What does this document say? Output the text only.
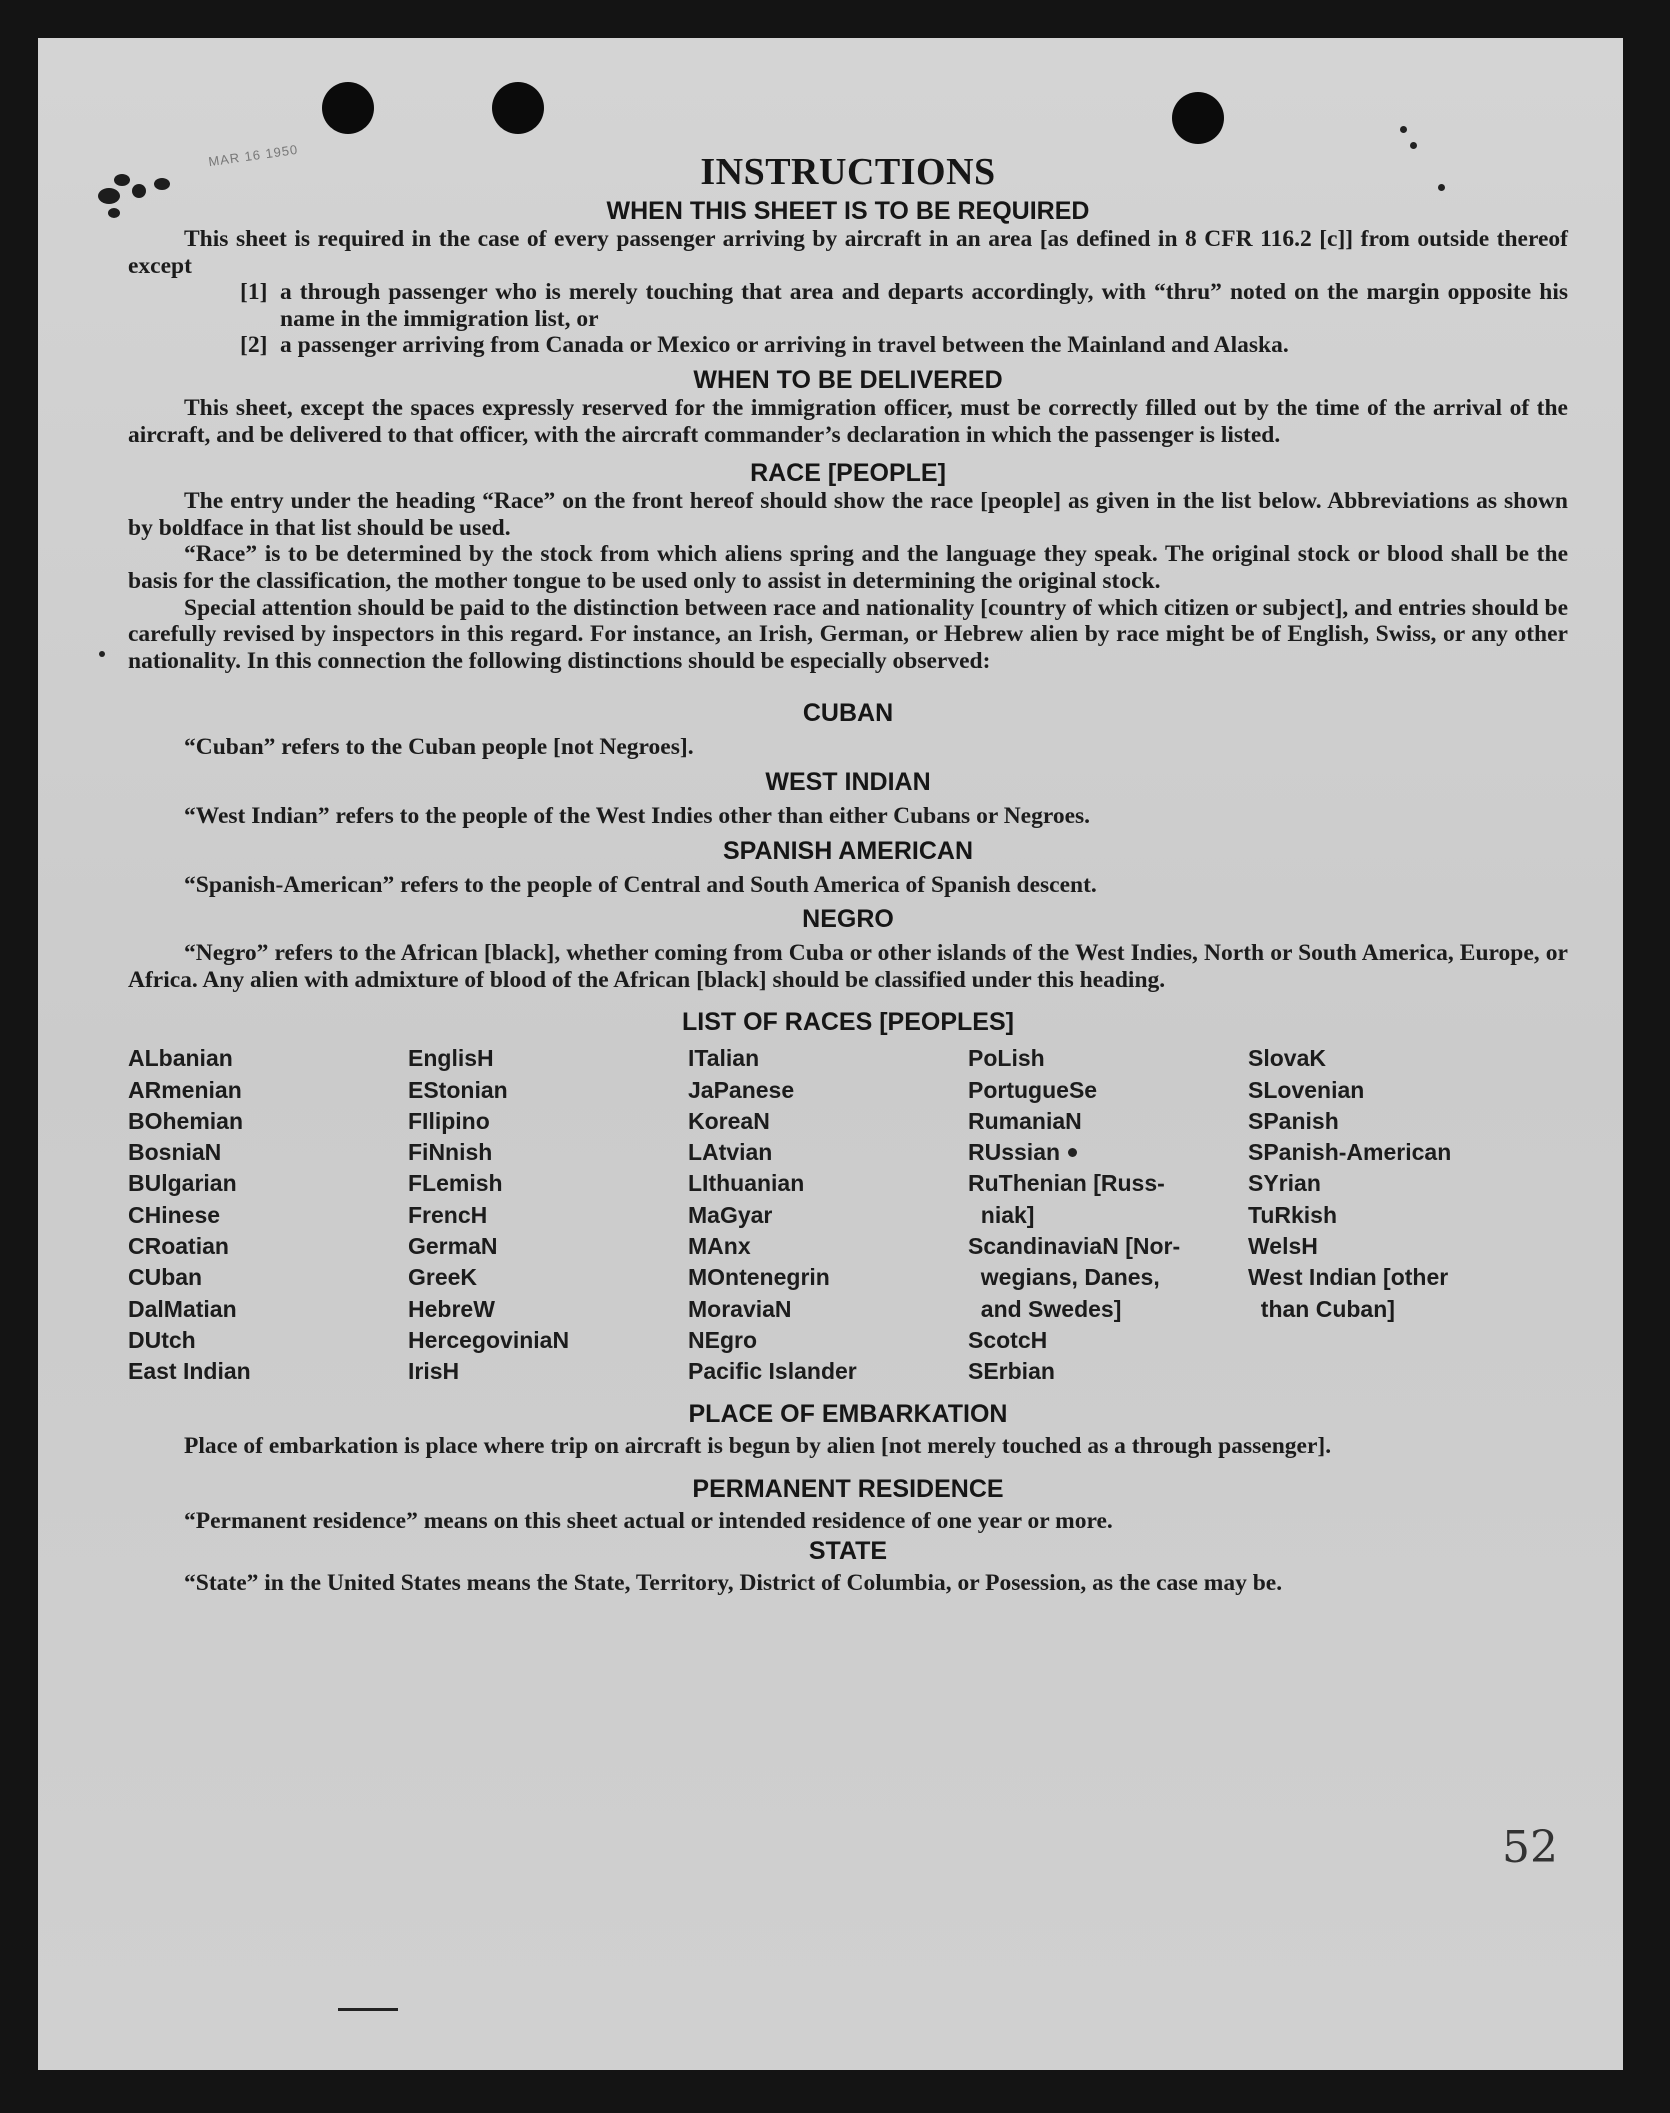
MAR 16 1950
52
INSTRUCTIONS
WHEN THIS SHEET IS TO BE REQUIRED

This sheet is required in the case of every passenger arriving by aircraft in an area [as defined in 8 CFR 116.2 [c]] from outside thereof except

[1] a through passenger who is merely touching that area and departs accordingly, with “thru” noted on the margin opposite his name in the immigration list, or
[2] a passenger arriving from Canada or Mexico or arriving in travel between the Mainland and Alaska.
WHEN TO BE DELIVERED

This sheet, except the spaces expressly reserved for the immigration officer, must be correctly filled out by the time of the arrival of the aircraft, and be delivered to that officer, with the aircraft commander’s declaration in which the passenger is listed.

RACE [PEOPLE]

The entry under the heading “Race” on the front hereof should show the race [people] as given in the list below. Abbreviations as shown by boldface in that list should be used.

“Race” is to be determined by the stock from which aliens spring and the language they speak. The original stock or blood shall be the basis for the classification, the mother tongue to be used only to assist in determining the original stock.

Special attention should be paid to the distinction between race and nationality [country of which citizen or subject], and entries should be carefully revised by inspectors in this regard. For instance, an Irish, German, or Hebrew alien by race might be of English, Swiss, or any other nationality. In this connection the following distinctions should be especially observed:

CUBAN

“Cuban” refers to the Cuban people [not Negroes].

WEST INDIAN

“West Indian” refers to the people of the West Indies other than either Cubans or Negroes.

SPANISH AMERICAN

“Spanish-American” refers to the people of Central and South America of Spanish descent.

NEGRO

“Negro” refers to the African [black], whether coming from Cuba or other islands of the West Indies, North or South America, Europe, or Africa. Any alien with admixture of blood of the African [black] should be classified under this heading.

LIST OF RACES [PEOPLES]
ALbanian
ARmenian
BOhemian
BosniaN
BUlgarian
CHinese
CRoatian
CUban
DalMatian
DUtch
East Indian
EnglisH
EStonian
FIlipino
FiNnish
FLemish
FrencH
GermaN
GreeK
HebreW
HercegoviniaN
IrisH
ITalian
JaPanese
KoreaN
LAtvian
LIthuanian
MaGyar
MAnx
MOntenegrin
MoraviaN
NEgro
Pacific Islander
PoLish
PortugueSe
RumaniaN
RUssian
RuThenian [Russ-
niak]
ScandinaviaN [Nor-
wegians, Danes,
and Swedes]
ScotcH
SErbian
SlovaK
SLovenian
SPanish
SPanish-American
SYrian
TuRkish
WelsH
West Indian [other
than Cuban]
PLACE OF EMBARKATION

Place of embarkation is place where trip on aircraft is begun by alien [not merely touched as a through passenger].

PERMANENT RESIDENCE

“Permanent residence” means on this sheet actual or intended residence of one year or more.

STATE

“State” in the United States means the State, Territory, District of Columbia, or Posession, as the case may be.
